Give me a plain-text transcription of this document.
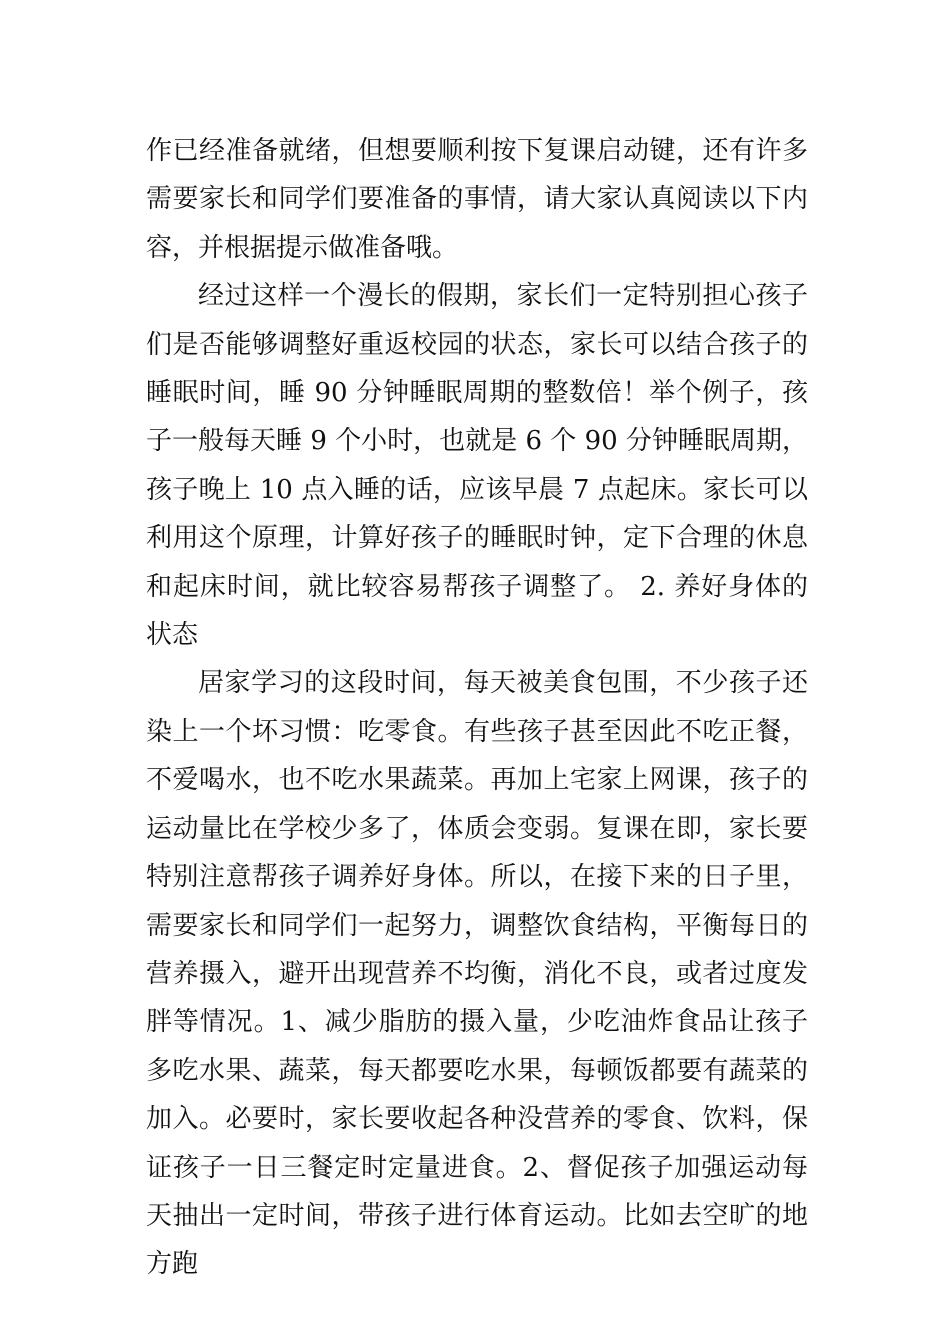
作已经准备就绪，但想要顺利按下复课启动键，还有许多需要家长和同学们要准备的事情，请大家认真阅读以下内容，并根据提示做准备哦。

经过这样一个漫长的假期，家长们一定特别担心孩子们是否能够调整好重返校园的状态，家长可以结合孩子的睡眠时间，睡 90 分钟睡眠周期的整数倍！举个例子，孩子一般每天睡 9 个小时，也就是 6 个 90 分钟睡眠周期，孩子晚上 10 点入睡的话，应该早晨 7 点起床。家长可以利用这个原理，计算好孩子的睡眠时钟，定下合理的休息和起床时间，就比较容易帮孩子调整了。 2. 养好身体的状态

居家学习的这段时间，每天被美食包围，不少孩子还染上一个坏习惯：吃零食。有些孩子甚至因此不吃正餐，不爱喝水，也不吃水果蔬菜。再加上宅家上网课，孩子的运动量比在学校少多了，体质会变弱。复课在即，家长要特别注意帮孩子调养好身体。所以，在接下来的日子里，需要家长和同学们一起努力，调整饮食结构，平衡每日的营养摄入，避开出现营养不均衡，消化不良，或者过度发胖等情况。1、减少脂肪的摄入量，少吃油炸食品让孩子多吃水果、蔬菜，每天都要吃水果，每顿饭都要有蔬菜的加入。必要时，家长要收起各种没营养的零食、饮料，保证孩子一日三餐定时定量进食。2、督促孩子加强运动每天抽出一定时间，带孩子进行体育运动。比如去空旷的地方跑
